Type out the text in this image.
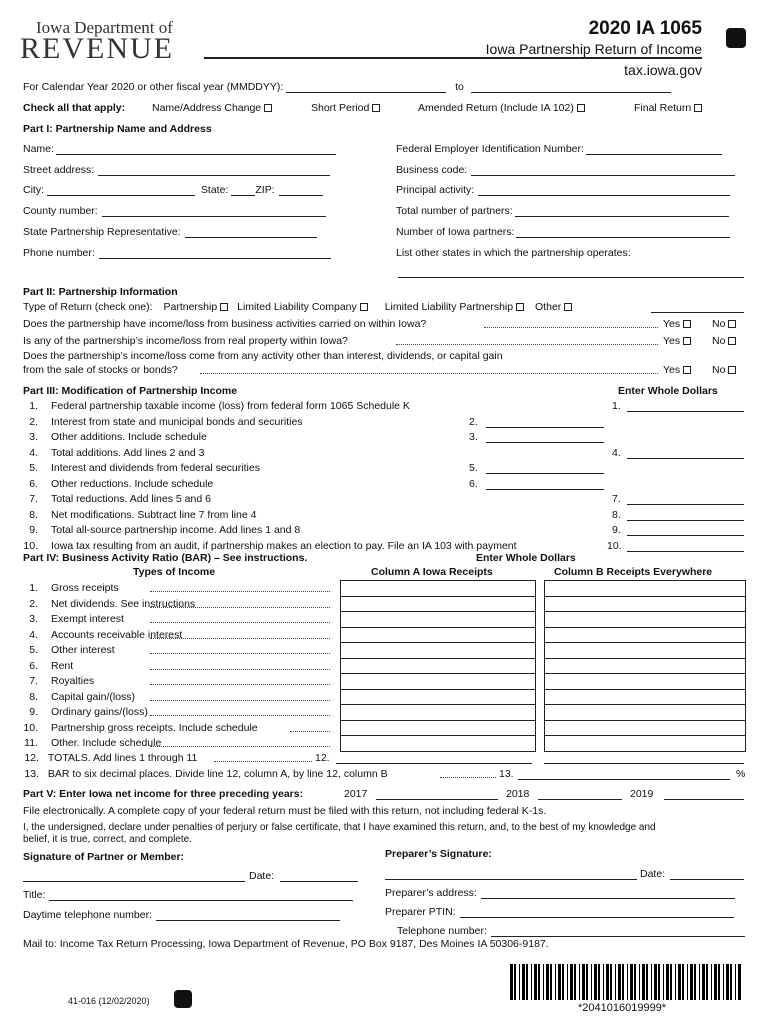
Iowa Department of
REVENUE
2020 IA 1065
Iowa Partnership Return of Income
tax.iowa.gov
For Calendar Year 2020 or other fiscal year (MMDDYY):	to
Check all that apply:	Name/Address Change	Short Period	Amended Return (Include IA 102)	Final Return
Part I: Partnership Name and Address
Name:
Street address:
City:	State:	ZIP:
County number:
State Partnership Representative:
Phone number:
Federal Employer Identification Number:
Business code:
Principal activity:
Total number of partners:
Number of Iowa partners:
List other states in which the partnership operates:
Part II: Partnership Information
Type of Return (check one): Partnership Limited Liability Company	Limited Liability Partnership Other
Does the partnership have income/loss from business activities carried on within Iowa?	Yes	No
Is any of the partnership’s income/loss from real property within Iowa?	Yes	No
Does the partnership’s income/loss come from any activity other than interest, dividends, or capital gain
from the sale of stocks or bonds?	Yes	No
Part III: Modification of Partnership Income	Enter Whole Dollars
1. Federal partnership taxable income (loss) from federal form 1065 Schedule K	1.
2. Interest from state and municipal bonds and securities	2.
3. Other additions. Include schedule	3.
4. Total additions. Add lines 2 and 3	4.
5. Interest and dividends from federal securities	5.
6. Other reductions. Include schedule	6.
7. Total reductions. Add lines 5 and 6	7.
8. Net modifications. Subtract line 7 from line 4	8.
9. Total all-source partnership income. Add lines 1 and 8	9.
10. Iowa tax resulting from an audit, if partnership makes an election to pay. File an IA 103 with payment	10.
Part IV: Business Activity Ratio (BAR) – See instructions.	Enter Whole Dollars
Types of Income	Column A Iowa Receipts	Column B Receipts Everywhere
1. Gross receipts
2. Net dividends. See instructions
3. Exempt interest
4. Accounts receivable interest
5. Other interest
6. Rent
7. Royalties
8. Capital gain/(loss)
9. Ordinary gains/(loss)
10. Partnership gross receipts. Include schedule
11. Other. Include schedule
12. TOTALS. Add lines 1 through 11	12.
13. BAR to six decimal places. Divide line 12, column A, by line 12, column B	13.	%
Part V: Enter Iowa net income for three preceding years:	2017	2018	2019
File electronically. A complete copy of your federal return must be filed with this return, not including federal K-1s.
I, the undersigned, declare under penalties of perjury or false certificate, that I have examined this return, and, to the best of my knowledge and
belief, it is true, correct, and complete.
Signature of Partner or Member:
Date:
Title:
Daytime telephone number:
Preparer’s Signature:
Date:
Preparer’s address:
Preparer PTIN:
Telephone number:
Mail to: Income Tax Return Processing, Iowa Department of Revenue, PO Box 9187, Des Moines IA 50306-9187.
41-016 (12/02/2020)
*2041016019999*
